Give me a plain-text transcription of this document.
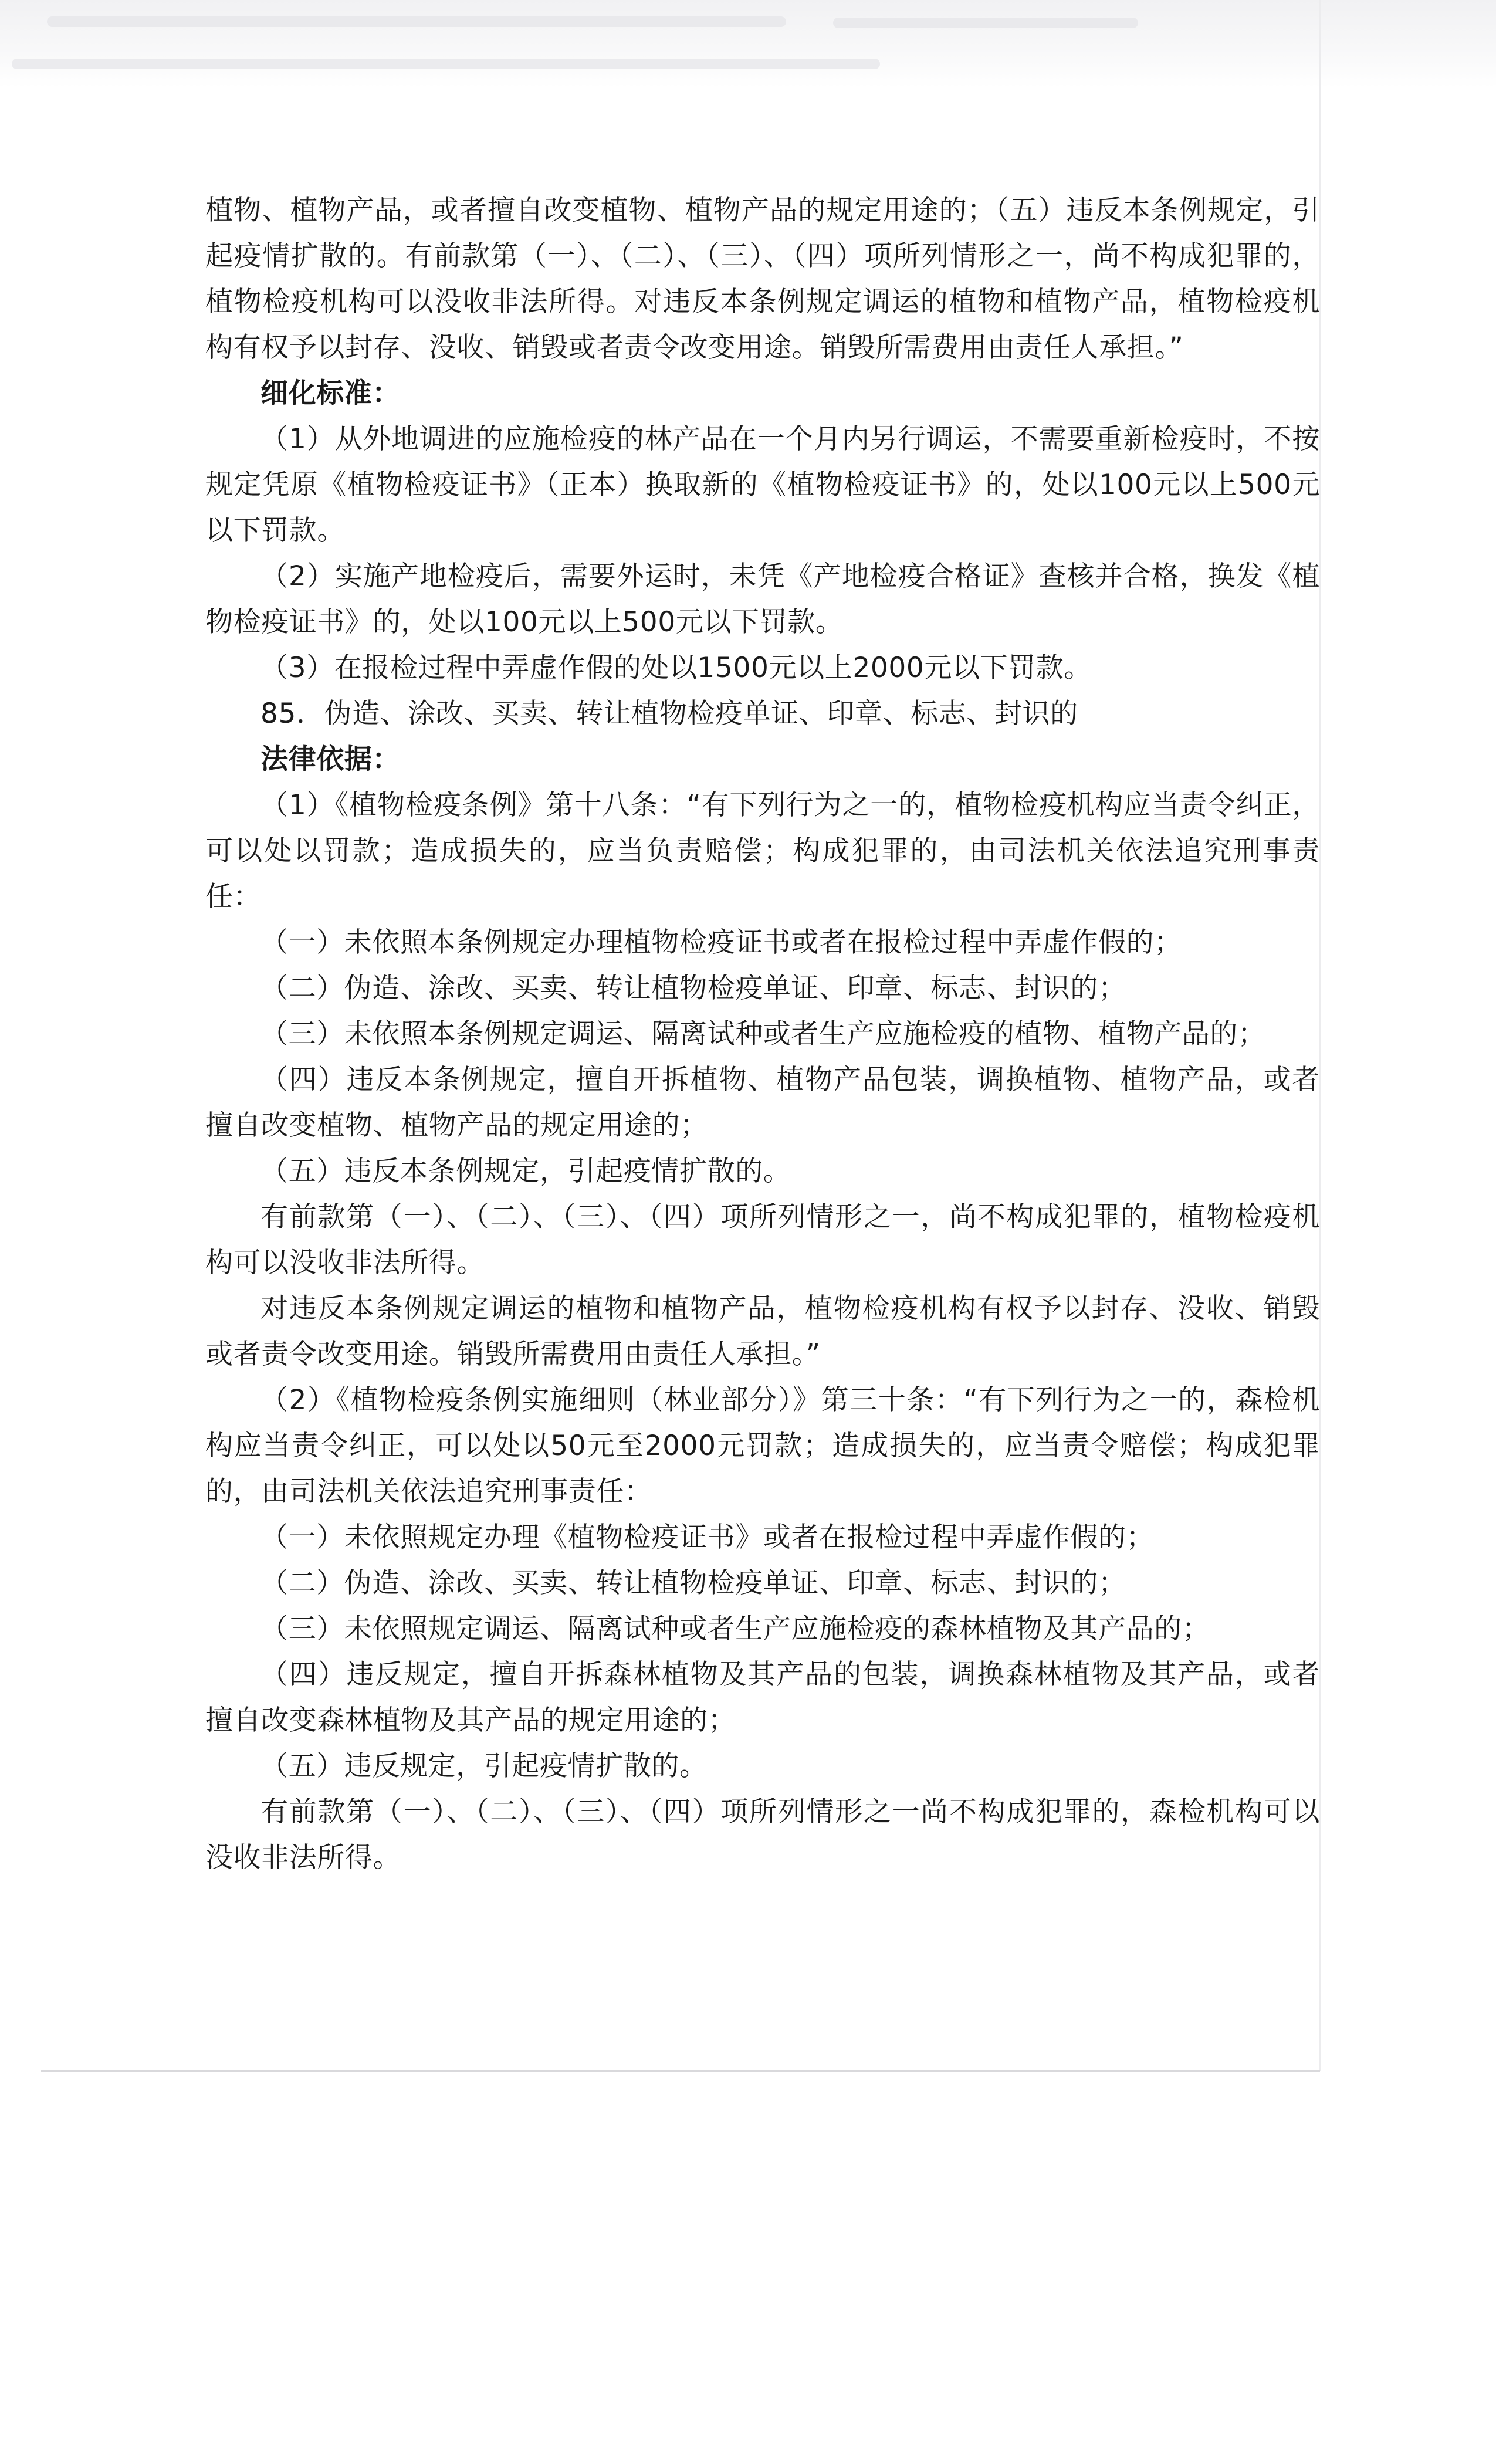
植物、植物产品，或者擅自改变植物、植物产品的规定用途的；（五）违反本条例规定，引起疫情扩散的。有前款第（一）、（二）、（三）、（四）项所列情形之一，尚不构成犯罪的，植物检疫机构可以没收非法所得。对违反本条例规定调运的植物和植物产品，植物检疫机构有权予以封存、没收、销毁或者责令改变用途。销毁所需费用由责任人承担。”

细化标准：

（1）从外地调进的应施检疫的林产品在一个月内另行调运，不需要重新检疫时，不按规定凭原《植物检疫证书》（正本）换取新的《植物检疫证书》的，处以100元以上500元以下罚款。

（2）实施产地检疫后，需要外运时，未凭《产地检疫合格证》查核并合格，换发《植物检疫证书》的，处以100元以上500元以下罚款。

（3）在报检过程中弄虚作假的处以1500元以上2000元以下罚款。

85．伪造、涂改、买卖、转让植物检疫单证、印章、标志、封识的

法律依据：

（1）《植物检疫条例》第十八条：“有下列行为之一的，植物检疫机构应当责令纠正，可以处以罚款；造成损失的，应当负责赔偿；构成犯罪的，由司法机关依法追究刑事责任：

（一）未依照本条例规定办理植物检疫证书或者在报检过程中弄虚作假的；

（二）伪造、涂改、买卖、转让植物检疫单证、印章、标志、封识的；

（三）未依照本条例规定调运、隔离试种或者生产应施检疫的植物、植物产品的；

（四）违反本条例规定，擅自开拆植物、植物产品包装，调换植物、植物产品，或者擅自改变植物、植物产品的规定用途的；

（五）违反本条例规定，引起疫情扩散的。

有前款第（一）、（二）、（三）、（四）项所列情形之一，尚不构成犯罪的，植物检疫机构可以没收非法所得。

对违反本条例规定调运的植物和植物产品，植物检疫机构有权予以封存、没收、销毁或者责令改变用途。销毁所需费用由责任人承担。”

（2）《植物检疫条例实施细则（林业部分）》第三十条：“有下列行为之一的，森检机构应当责令纠正，可以处以50元至2000元罚款；造成损失的，应当责令赔偿；构成犯罪的，由司法机关依法追究刑事责任：

（一）未依照规定办理《植物检疫证书》或者在报检过程中弄虚作假的；

（二）伪造、涂改、买卖、转让植物检疫单证、印章、标志、封识的；

（三）未依照规定调运、隔离试种或者生产应施检疫的森林植物及其产品的；

（四）违反规定，擅自开拆森林植物及其产品的包装，调换森林植物及其产品，或者擅自改变森林植物及其产品的规定用途的；

（五）违反规定，引起疫情扩散的。

有前款第（一）、（二）、（三）、（四）项所列情形之一尚不构成犯罪的，森检机构可以没收非法所得。
